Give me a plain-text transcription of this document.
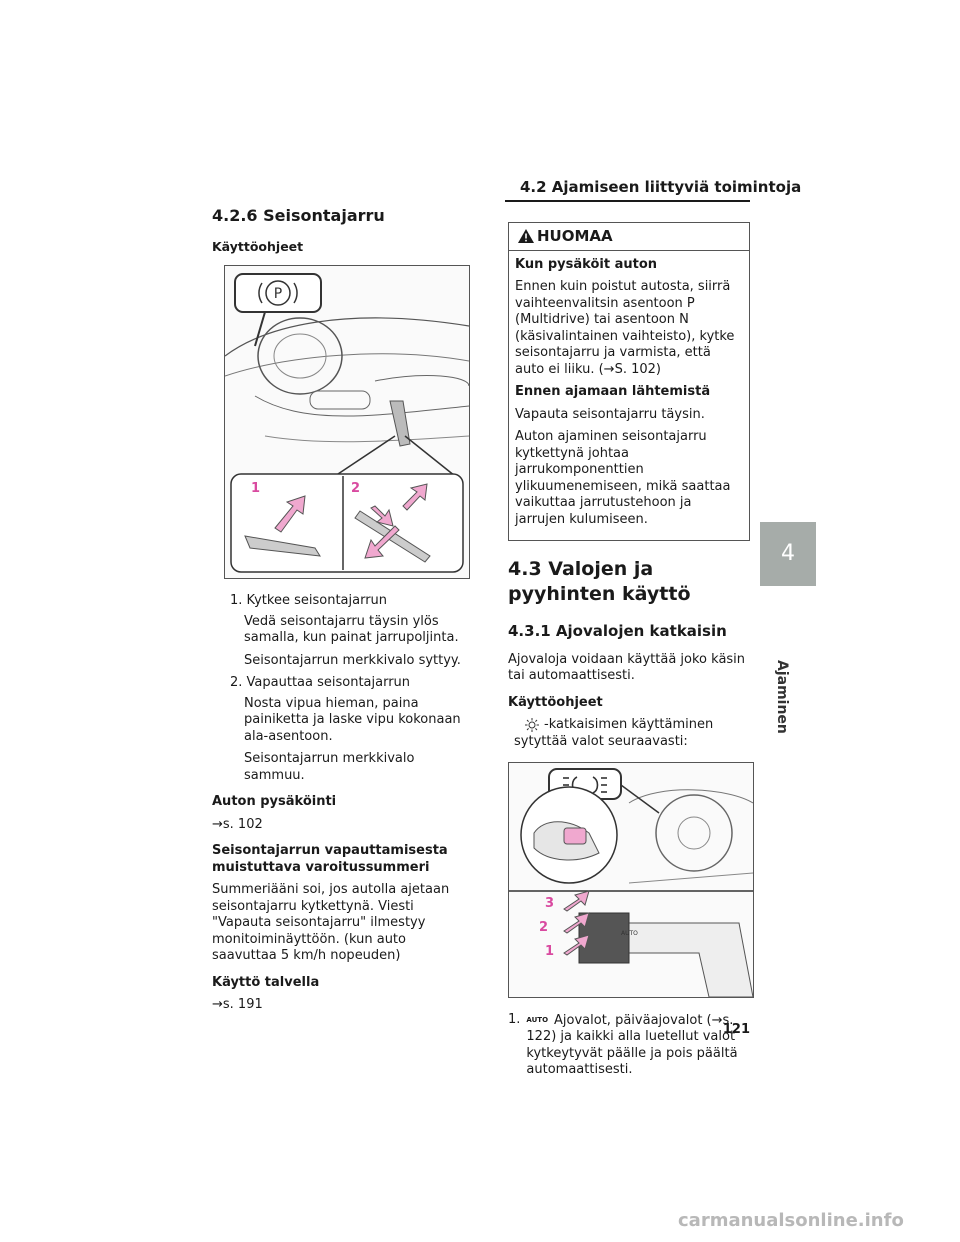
4.2 Ajamiseen liittyviä toimintoja
4
Ajaminen
4.2.6 Seisontajarru
Käyttöohjeet
P
1	2
1. Kytkee seisontajarrun
Vedä seisontajarru täysin ylös samalla, kun painat jarrupoljinta.
Seisontajarrun merkkivalo syttyy.
2. Vapauttaa seisontajarrun
Nosta vipua hieman, paina painiketta ja laske vipu kokonaan ala-asentoon.
Seisontajarrun merkkivalo sammuu.
Auton pysäköinti

→s. 102

Seisontajarrun vapauttamisesta muistuttava varoitussummeri

Summeriääni soi, jos autolla ajetaan seisontajarru kytkettynä. Viesti "Vapauta seisontajarru" ilmestyy monitoiminäyttöön. (kun auto saavuttaa 5 km/h nopeuden)

Käyttö talvella

→s. 191

HUOMAA

Kun pysäköit auton

Ennen kuin poistut autosta, siirrä vaihteenvalitsin asentoon P (Multidrive) tai asentoon N (käsivalintainen vaihteisto), kytke seisontajarru ja varmista, että auto ei liiku. (→S. 102)

Ennen ajamaan lähtemistä

Vapauta seisontajarru täysin.

Auton ajaminen seisontajarru kytkettynä johtaa jarrukomponenttien ylikuumenemiseen, mikä saattaa vaikuttaa jarrutustehoon ja jarrujen kulumiseen.

4.3 Valojen ja pyyhinten käyttö
4.3.1 Ajovalojen katkaisin

Ajovaloja voidaan käyttää joko käsin tai automaattisesti.

Käyttöohjeet

-katkaisimen käyttäminen sytyttää valot seuraavasti:

AUTO
1
2
3
1. AUTO Ajovalot, päiväajovalot (→s. 122) ja kaikki alla luetellut valot kytkeytyvät päälle ja pois päältä automaattisesti.
121
carmanualsonline.info
